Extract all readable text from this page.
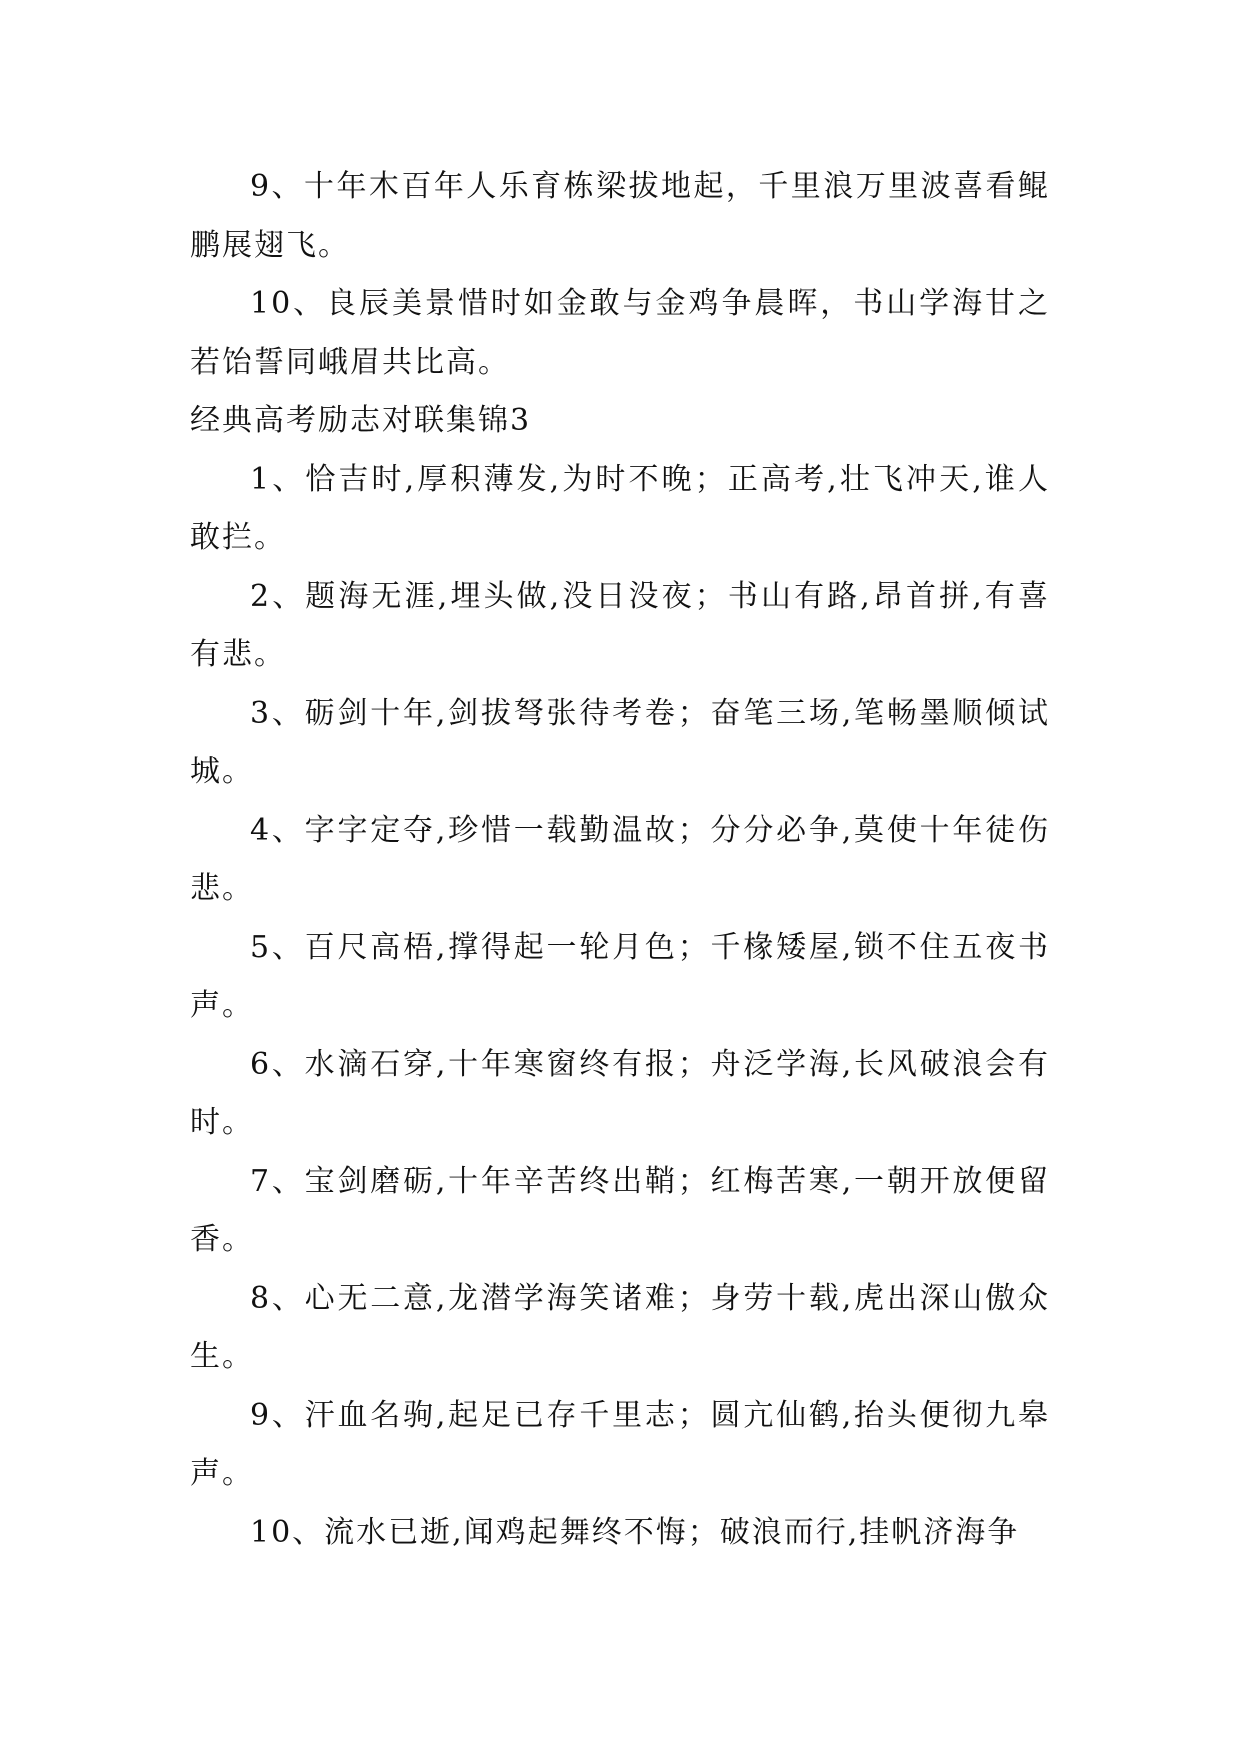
9、十年木百年人乐育栋梁拔地起，千里浪万里波喜看鲲鹏展翅飞。

10、良辰美景惜时如金敢与金鸡争晨晖，书山学海甘之若饴誓同峨眉共比高。

经典高考励志对联集锦3

1、恰吉时,厚积薄发,为时不晚；正高考,壮飞冲天,谁人敢拦。

2、题海无涯,埋头做,没日没夜；书山有路,昂首拼,有喜有悲。

3、砺剑十年,剑拔弩张待考卷；奋笔三场,笔畅墨顺倾试城。

4、字字定夺,珍惜一载勤温故；分分必争,莫使十年徒伤悲。

5、百尺高梧,撑得起一轮月色；千椽矮屋,锁不住五夜书声。

6、水滴石穿,十年寒窗终有报；舟泛学海,长风破浪会有时。

7、宝剑磨砺,十年辛苦终出鞘；红梅苦寒,一朝开放便留香。

8、心无二意,龙潜学海笑诸难；身劳十载,虎出深山傲众生。

9、汗血名驹,起足已存千里志；圆亢仙鹤,抬头便彻九皋声。

10、流水已逝,闻鸡起舞终不悔；破浪而行,挂帆济海争
